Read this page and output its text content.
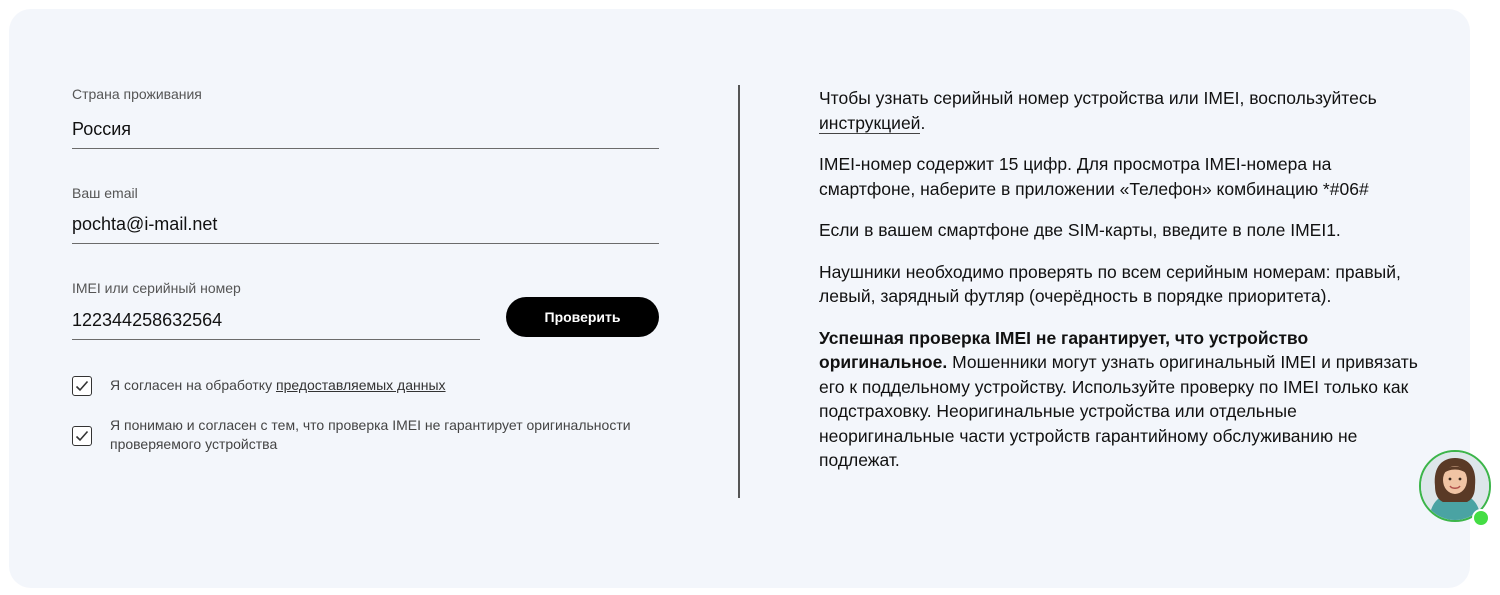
Страна проживания
Россия
Ваш email
pochta@i-mail.net
IMEI или серийный номер
122344258632564	Проверить
Я согласен на обработку предоставляемых данных
Я понимаю и согласен с тем, что проверка IMEI не гарантирует оригинальности проверяемого устройства

Чтобы узнать серийный номер устройства или IMEI, воспользуйтесь инструкцией.

IMEI-номер содержит 15 цифр. Для просмотра IMEI-номера на смартфоне, наберите в приложении «Телефон» комбинацию *#06#

Если в вашем смартфоне две SIM-карты, введите в поле IMEI1.

Наушники необходимо проверять по всем серийным номерам: правый, левый, зарядный футляр (очерёдность в порядке приоритета).

Успешная проверка IMEI не гарантирует, что устройство оригинальное. Мошенники могут узнать оригинальный IMEI и привязать его к поддельному устройству. Используйте проверку по IMEI только как подстраховку. Неоригинальные устройства или отдельные неоригинальные части устройств гарантийному обслуживанию не подлежат.
